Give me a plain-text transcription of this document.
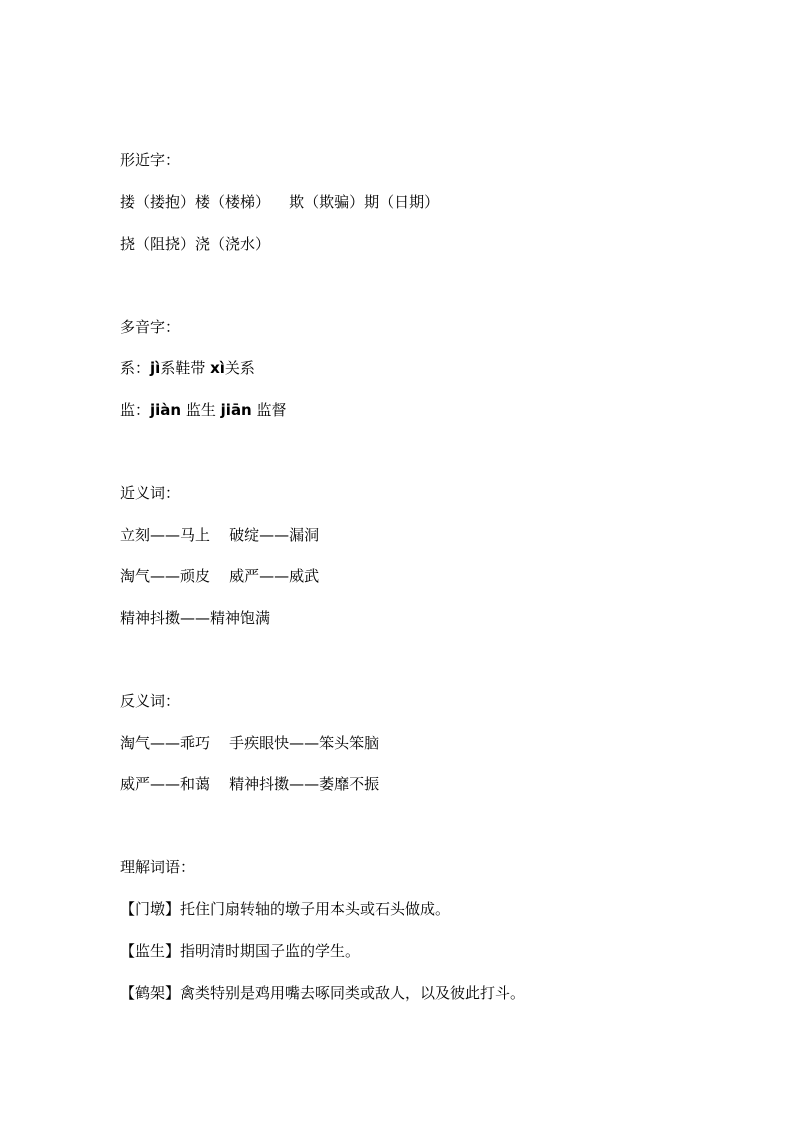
形近字：
搂（搂抱）楼（楼梯）    欺（欺骗）期（日期）
挠（阻挠）浇（浇水）
多音字：
系：jì系鞋带 xì关系
监：jiàn 监生 jiān 监督
近义词：
立刻——马上    破绽——漏洞
淘气——顽皮    威严——威武
精神抖擞——精神饱满
反义词：
淘气——乖巧    手疾眼快——笨头笨脑
威严——和蔼    精神抖擞——萎靡不振
理解词语：
【门墩】托住门扇转轴的墩子用本头或石头做成。
【监生】指明清时期国子监的学生。
【鹤架】禽类特别是鸡用嘴去啄同类或敌人，以及彼此打斗。
